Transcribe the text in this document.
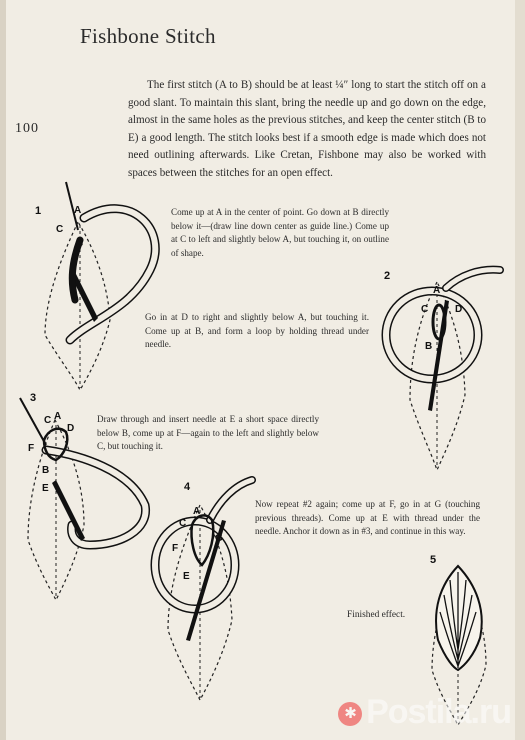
Fishbone Stitch
100
The first stitch (A to B) should be at least ¼″ long to start the stitch off on a good slant. To maintain this slant, bring the needle up and go down on the edge, almost in the same holes as the previous stitches, and keep the center stitch (B to E) a good length. The stitch looks best if a smooth edge is made which does not need outlining afterwards. Like Cretan, Fishbone may also be worked with spaces between the stitches for an open effect.
Come up at A in the center of point. Go down at B directly below it—(draw line down center as guide line.) Come up at C to left and slightly below A, but touching it, on outline of shape.
Go in at D to right and slightly below A, but touching it. Come up at B, and form a loop by holding thread under needle.
Draw through and insert needle at E a short space directly below B, come up at F—again to the left and slightly below C, but touching it.
Now repeat #2 again; come up at F, go in at G (touching previous threads). Come up at E with thread under the needle. Anchor it down as in #3, and continue in this way.
Finished effect.
1	A
C
B
2
A
C	D
B
3
C A
D
F
B
E	4
A
C
G
F
E
5
✱ Postila.ru
